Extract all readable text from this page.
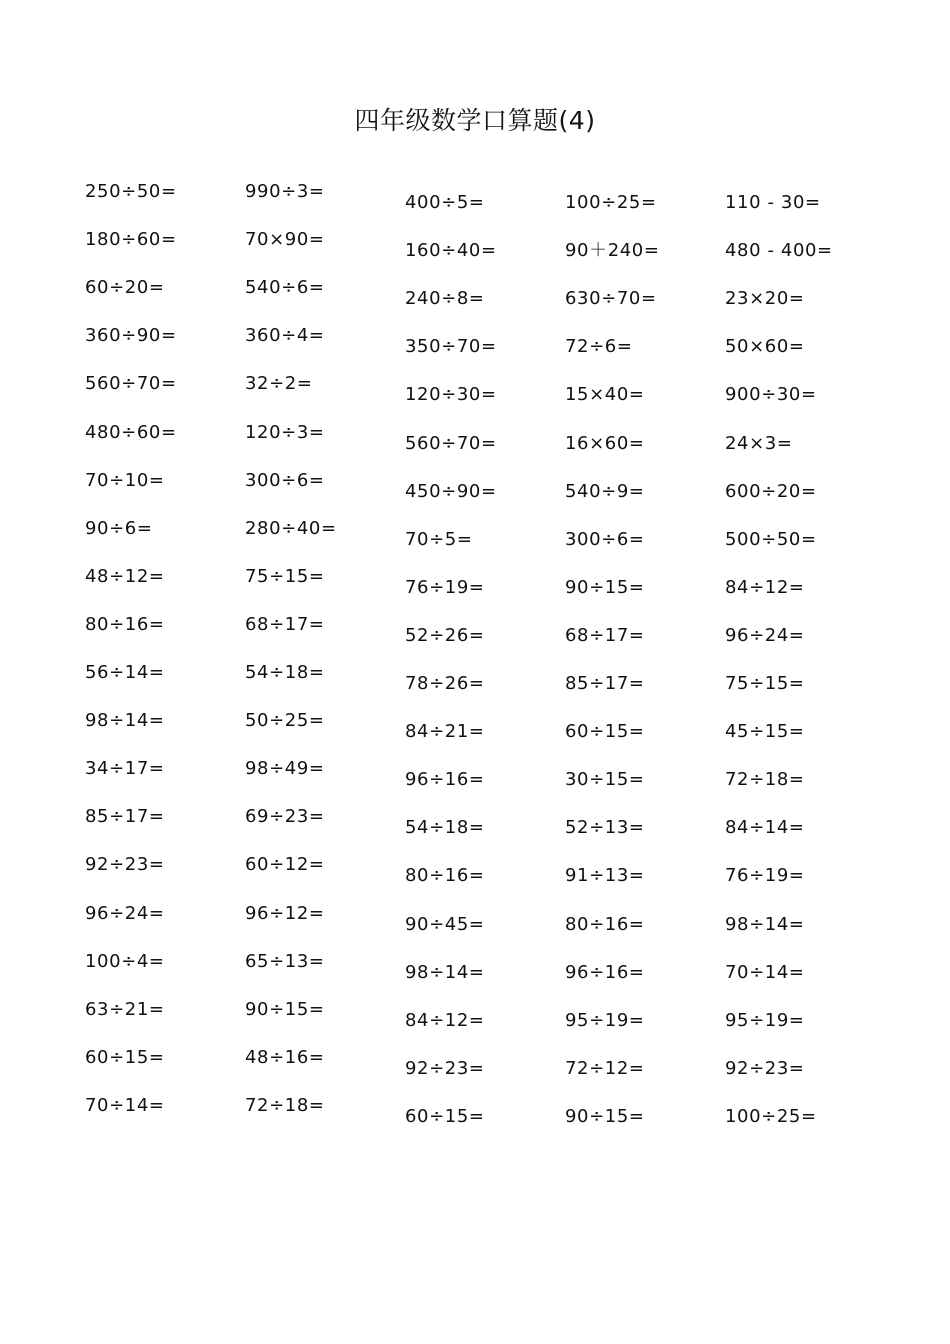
四年级数学口算题(4)
250÷50=
180÷60=
60÷20=
360÷90=
560÷70=
480÷60=
70÷10=
90÷6=
48÷12=
80÷16=
56÷14=
98÷14=
34÷17=
85÷17=
92÷23=
96÷24=
100÷4=
63÷21=
60÷15=
70÷14=
990÷3=
70×90=
540÷6=
360÷4=
32÷2=
120÷3=
300÷6=
280÷40=
75÷15=
68÷17=
54÷18=
50÷25=
98÷49=
69÷23=
60÷12=
96÷12=
65÷13=
90÷15=
48÷16=
72÷18=
400÷5=
160÷40=
240÷8=
350÷70=
120÷30=
560÷70=
450÷90=
70÷5=
76÷19=
52÷26=
78÷26=
84÷21=
96÷16=
54÷18=
80÷16=
90÷45=
98÷14=
84÷12=
92÷23=
60÷15=
100÷25=
90＋240=
630÷70=
72÷6=
15×40=
16×60=
540÷9=
300÷6=
90÷15=
68÷17=
85÷17=
60÷15=
30÷15=
52÷13=
91÷13=
80÷16=
96÷16=
95÷19=
72÷12=
90÷15=
110 - 30=
480 - 400=
23×20=
50×60=
900÷30=
24×3=
600÷20=
500÷50=
84÷12=
96÷24=
75÷15=
45÷15=
72÷18=
84÷14=
76÷19=
98÷14=
70÷14=
95÷19=
92÷23=
100÷25=
